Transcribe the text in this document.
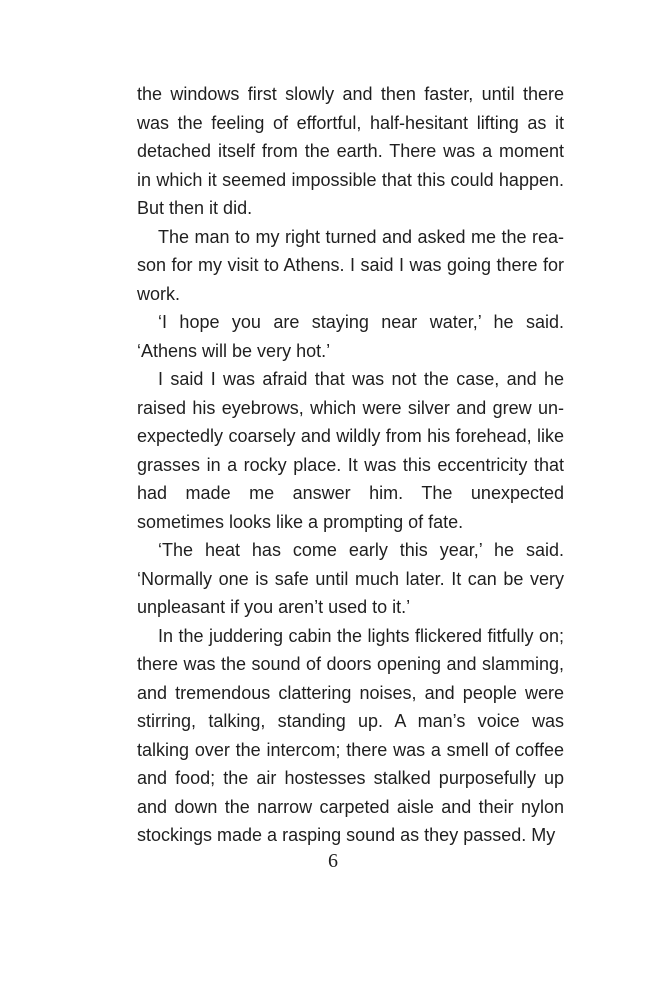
the windows first slowly and then faster, until there was the feeling of effortful, half-hesitant lifting as it detached itself from the earth. There was a moment in which it seemed impossible that this could happen. But then it did.

The man to my right turned and asked me the reason for my visit to Athens. I said I was going there for work.

‘I hope you are staying near water,’ he said. ‘Athens will be very hot.’

I said I was afraid that was not the case, and he raised his eyebrows, which were silver and grew unexpectedly coarsely and wildly from his forehead, like grasses in a rocky place. It was this eccentricity that had made me answer him. The unexpected sometimes looks like a prompting of fate.

‘The heat has come early this year,’ he said. ‘Normally one is safe until much later. It can be very unpleasant if you aren’t used to it.’

In the juddering cabin the lights flickered fitfully on; there was the sound of doors opening and slamming, and tremendous clattering noises, and people were stirring, talking, standing up. A man’s voice was talking over the intercom; there was a smell of coffee and food; the air hostesses stalked purposefully up and down the narrow carpeted aisle and their nylon stockings made a rasping sound as they passed. My

6
